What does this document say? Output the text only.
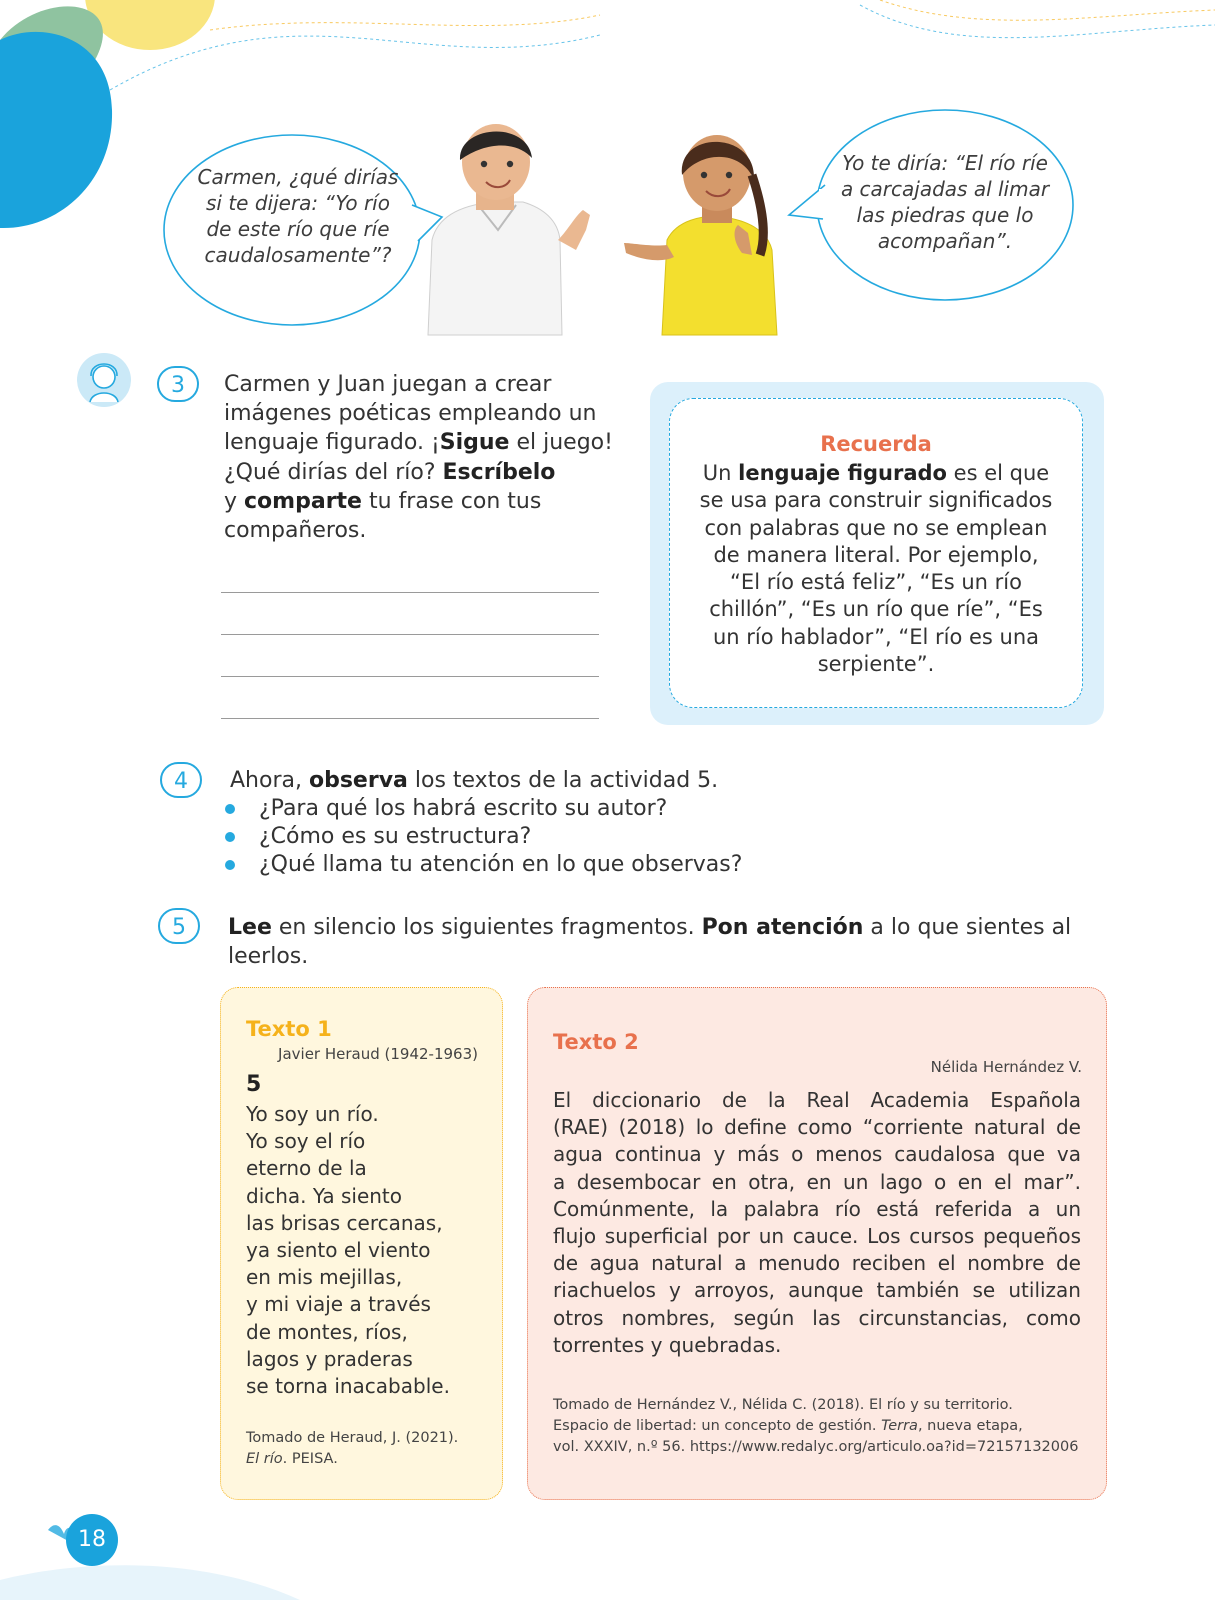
Carmen, ¿qué dirías
si te dijera: “Yo río
de este río que ríe
caudalosamente”?
Yo te diría: “El río ríe
a carcajadas al limar
las piedras que lo
acompañan”.
3	Carmen y Juan juegan a crear
imágenes poéticas empleando un
lenguaje figurado. ¡Sigue el juego!
¿Qué dirías del río? Escríbelo
y comparte tu frase con tus
compañeros.
Recuerda
Un lenguaje figurado es el que
se usa para construir significados
con palabras que no se emplean
de manera literal. Por ejemplo,
“El río está feliz”, “Es un río
chillón”, “Es un río que ríe”, “Es
un río hablador”, “El río es una
serpiente”.
4	Ahora, observa los textos de la actividad 5.
¿Para qué los habrá escrito su autor?
¿Cómo es su estructura?
¿Qué llama tu atención en lo que observas?
5	Lee en silencio los siguientes fragmentos. Pon atención a lo que sientes al
leerlos.
Texto 1
Javier Heraud (1942-1963)
5
Yo soy un río.
Yo soy el río
eterno de la
dicha. Ya siento
las brisas cercanas,
ya siento el viento
en mis mejillas,
y mi viaje a través
de montes, ríos,
lagos y praderas
se torna inacabable.
Tomado de Heraud, J. (2021).
El río. PEISA.
Texto 2
Nélida Hernández V.
El diccionario de la Real Academia Española
(RAE) (2018) lo define como “corriente natural de
agua continua y más o menos caudalosa que va
a desembocar en otra, en un lago o en el mar”.
Comúnmente, la palabra río está referida a un
flujo superficial por un cauce. Los cursos pequeños
de agua natural a menudo reciben el nombre de
riachuelos y arroyos, aunque también se utilizan
otros nombres, según las circunstancias, como
torrentes y quebradas.
Tomado de Hernández V., Nélida C. (2018). El río y su territorio.
Espacio de libertad: un concepto de gestión. Terra, nueva etapa,
vol. XXXIV, n.º 56. https://www.redalyc.org/articulo.oa?id=72157132006
18
